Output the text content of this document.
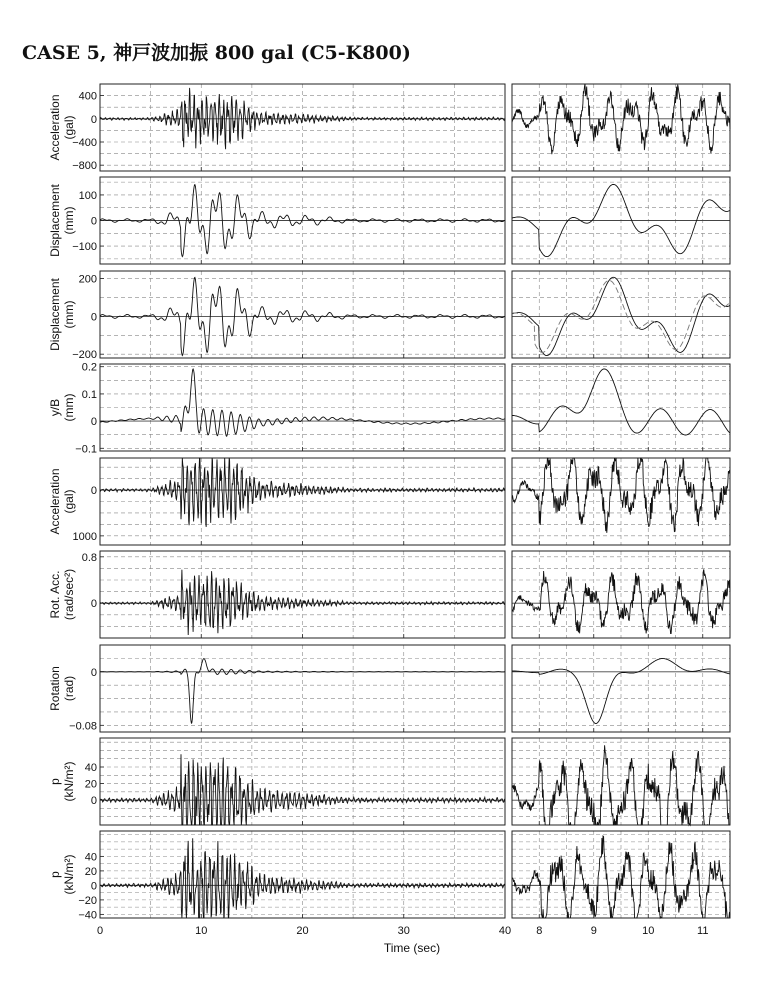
CASE 5, 神戸波加振 800 gal (C5-K800)
400
0
−400
−800
Acceleration (gal)
100
0
−100
Displacement (mm)
200
0
−200
Displacement (mm)
0.2
0.1
0
−0.1
y/B (mm)
0
1000
Acceleration (gal)
0.8
0
Rot. Acc. (rad/sec²)
0
−0.08
Rotation (rad)
40
20
0
p (kN/m²)
40
20
0
−20
−40
p (kN/m²)
0	10	20	30	40 8	9	10	11
Time (sec)
